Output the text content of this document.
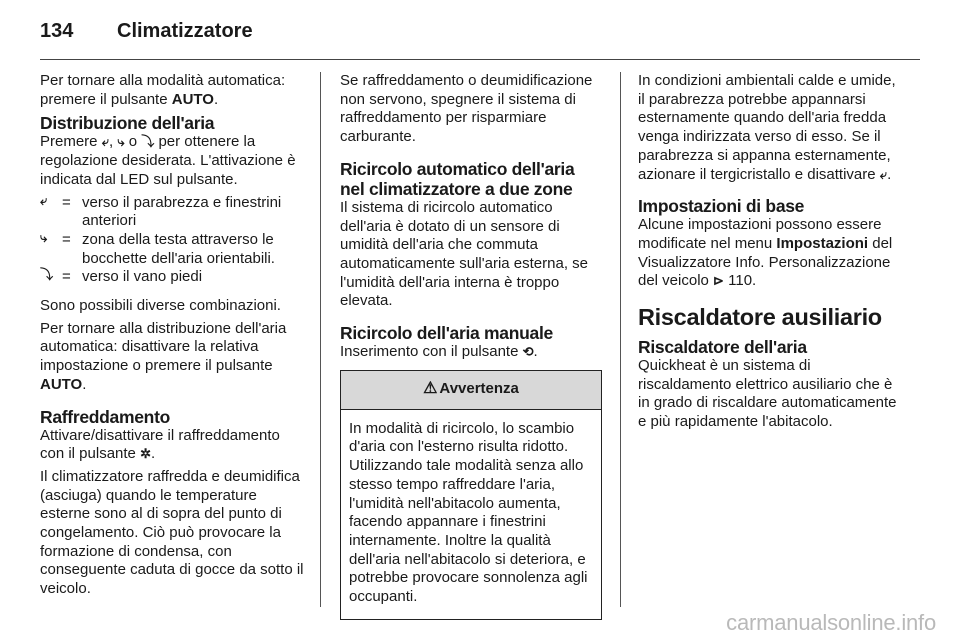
134	Climatizzatore

Per tornare alla modalità automatica: premere il pulsante AUTO.

Distribuzione dell'aria

Premere ⤶, ⤷ o ⤵ per ottenere la regolazione desiderata. L'attivazione è indicata dal LED sul pulsante.

⤶ = verso il parabrezza e finestrini anteriori
⤷ = zona della testa attraverso le bocchette dell'aria orientabili.
⤵ = verso il vano piedi

Sono possibili diverse combinazioni.

Per tornare alla distribuzione dell'aria automatica: disattivare la relativa impostazione o premere il pulsante AUTO.

Raffreddamento

Attivare/disattivare il raffreddamento con il pulsante ✲.

Il climatizzatore raffredda e deumidifica (asciuga) quando le temperature esterne sono al di sopra del punto di congelamento. Ciò può provocare la formazione di condensa, con conseguente caduta di gocce da sotto il veicolo.

Se raffreddamento o deumidificazione non servono, spegnere il sistema di raffreddamento per risparmiare carburante.

Ricircolo automatico dell'aria nel climatizzatore a due zone

Il sistema di ricircolo automatico dell'aria è dotato di un sensore di umidità dell'aria che commuta automaticamente sull'aria esterna, se l'umidità dell'aria interna è troppo elevata.

Ricircolo dell'aria manuale

Inserimento con il pulsante ⟲.

⚠ Avvertenza
In modalità di ricircolo, lo scambio d'aria con l'esterno risulta ridotto. Utilizzando tale modalità senza allo stesso tempo raffreddare l'aria, l'umidità nell'abitacolo aumenta, facendo appannare i finestrini internamente. Inoltre la qualità dell'aria nell'abitacolo si deteriora, e potrebbe provocare sonnolenza agli occupanti.

In condizioni ambientali calde e umide, il parabrezza potrebbe appannarsi esternamente quando dell'aria fredda venga indirizzata verso di esso. Se il parabrezza si appanna esternamente, azionare il tergicristallo e disattivare ⤶.

Impostazioni di base

Alcune impostazioni possono essere modificate nel menu Impostazioni del Visualizzatore Info. Personalizzazione del veicolo ⊳ 110.

Riscaldatore ausiliario
Riscaldatore dell'aria

Quickheat è un sistema di riscaldamento elettrico ausiliario che è in grado di riscaldare automaticamente e più rapidamente l'abitacolo.

carmanualsonline.info
